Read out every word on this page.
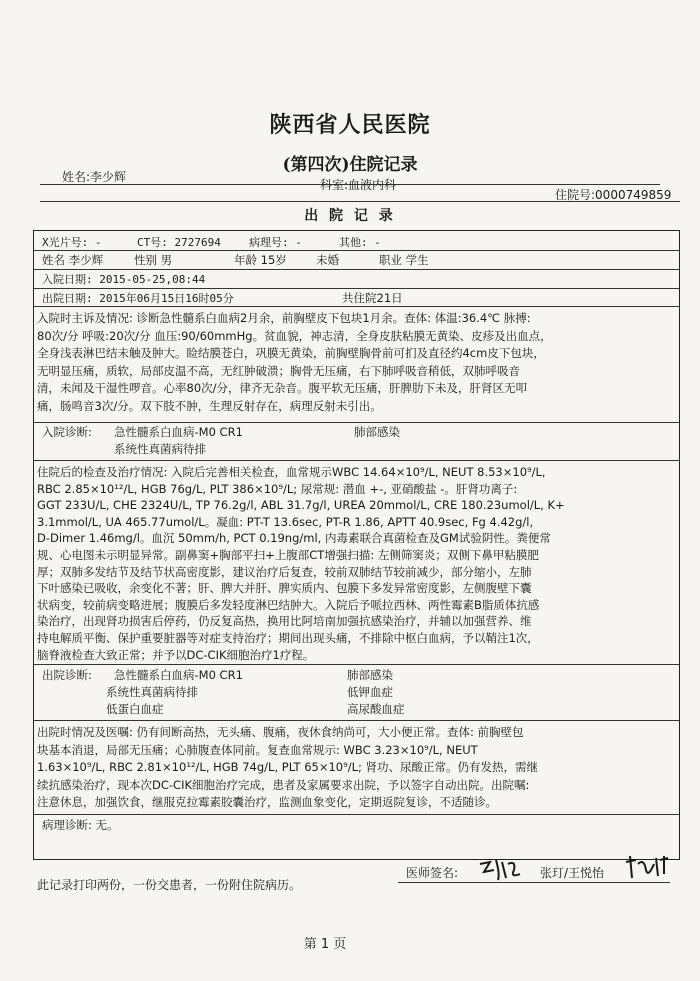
陕西省人民医院
(第四次)住院记录
姓名:李少辉
科室:血液内科
住院号:0000749859
出 院 记 录
X光片号: -	CT号: 2727694	病理号: -	其他: -
姓名 李少辉	性别 男	年龄 15岁	未婚	职业 学生
入院日期: 2015-05-25,08:44
出院日期: 2015年06月15日16时05分	共住院21日
入院时主诉及情况: 诊断急性髓系白血病2月余，前胸壁皮下包块1月余。查体: 体温:36.4℃ 脉搏:
80次/分 呼吸:20次/分 血压:90/60mmHg。贫血貌，神志清，全身皮肤粘膜无黄染、皮疹及出血点，
全身浅表淋巴结未触及肿大。睑结膜苍白，巩膜无黄染，前胸壁胸骨前可扪及直径约4cm皮下包块，
无明显压痛，质软，局部皮温不高，无红肿破溃；胸骨无压痛，右下肺呼吸音稍低，双肺呼吸音
清，未闻及干湿性啰音。心率80次/分，律齐无杂音。腹平软无压痛，肝脾肋下未及，肝肾区无叩
痛，肠鸣音3次/分。双下肢不肿，生理反射存在，病理反射未引出。
入院诊断: 急性髓系白血病-M0 CR1	肺部感染
系统性真菌病待排
住院后的检查及治疗情况: 入院后完善相关检查，血常规示WBC 14.64×10⁹/L, NEUT 8.53×10⁹/L,
RBC 2.85×10¹²/L, HGB 76g/L, PLT 386×10⁹/L; 尿常规: 潜血 +-, 亚硝酸盐 -。肝肾功离子:
GGT 233U/L, CHE 2324U/L, TP 76.2g/l, ABL 31.7g/l, UREA 20mmol/L, CRE 180.23umol/L, K+
3.1mmol/L, UA 465.77umol/L。凝血: PT-T 13.6sec, PT-R 1.86, APTT 40.9sec, Fg 4.42g/l,
D-Dimer 1.46mg/l。血沉 50mm/h, PCT 0.19ng/ml, 内毒素联合真菌检查及GM试验阴性。粪便常
规、心电图未示明显异常。副鼻窦+胸部平扫+上腹部CT增强扫描: 左侧筛窦炎；双侧下鼻甲粘膜肥
厚；双肺多发结节及结节状高密度影，建议治疗后复查，较前双肺结节较前减少，部分缩小，左肺
下叶感染已吸收，余变化不著；肝、脾大并肝、脾实质内、包膜下多发异常密度影，左侧腹壁下囊
状病变，较前病变略进展；腹膜后多发轻度淋巴结肿大。入院后予哌拉西林、两性霉素B脂质体抗感
染治疗，出现肾功损害后停药，仍反复高热，换用比阿培南加强抗感染治疗，并辅以加强营养、维
持电解质平衡、保护重要脏器等对症支持治疗；期间出现头痛，不排除中枢白血病，予以鞘注1次，
脑脊液检查大致正常；并予以DC-CIK细胞治疗1疗程。
出院诊断: 急性髓系白血病-M0 CR1	肺部感染
系统性真菌病待排	低钾血症
低蛋白血症	高尿酸血症
出院时情况及医嘱: 仍有间断高热，无头痛、腹痛，夜休食纳尚可，大小便正常。查体: 前胸壁包
块基本消退，局部无压痛；心肺腹查体同前。复查血常规示: WBC 3.23×10⁹/L, NEUT
1.63×10⁹/L, RBC 2.81×10¹²/L, HGB 74g/L, PLT 65×10⁹/L; 肾功、尿酸正常。仍有发热，需继
续抗感染治疗，现本次DC-CIK细胞治疗完成，患者及家属要求出院，予以签字自动出院。出院嘱:
注意休息，加强饮食，继服克拉霉素胶囊治疗，监测血象变化，定期返院复诊，不适随诊。
病理诊断: 无。
医师签名:	张玎/王悦怡
此记录打印两份，一份交患者，一份附住院病历。
第 1 页
